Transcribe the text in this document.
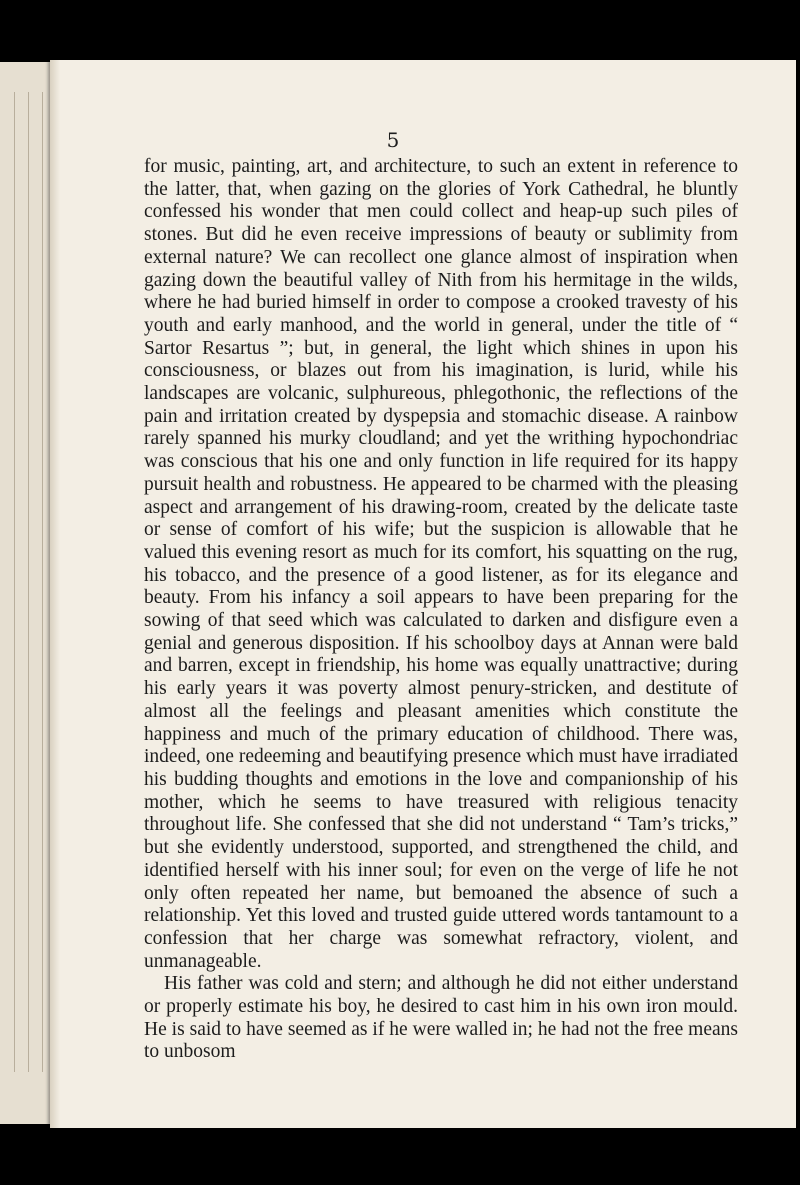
5

for music, painting, art, and architecture, to such an extent in reference to the latter, that, when gazing on the glories of York Cathedral, he bluntly confessed his wonder that men could collect and heap-up such piles of stones. But did he even receive impressions of beauty or sublimity from external nature? We can recollect one glance almost of inspiration when gazing down the beautiful valley of Nith from his hermitage in the wilds, where he had buried himself in order to compose a crooked travesty of his youth and early manhood, and the world in general, under the title of “ Sartor Resartus ”; but, in general, the light which shines in upon his consciousness, or blazes out from his imagination, is lurid, while his landscapes are volcanic, sulphureous, phlegothonic, the reflections of the pain and irritation created by dyspepsia and stomachic disease. A rainbow rarely spanned his murky cloudland; and yet the writhing hypochondriac was conscious that his one and only function in life required for its happy pursuit health and robustness. He appeared to be charmed with the pleasing aspect and arrangement of his drawing-room, created by the delicate taste or sense of comfort of his wife; but the suspicion is allowable that he valued this evening resort as much for its comfort, his squatting on the rug, his tobacco, and the presence of a good listener, as for its elegance and beauty. From his infancy a soil appears to have been preparing for the sowing of that seed which was calculated to darken and disfigure even a genial and generous disposition. If his schoolboy days at Annan were bald and barren, except in friendship, his home was equally unattractive; during his early years it was poverty almost penury-stricken, and destitute of almost all the feelings and pleasant amenities which constitute the happiness and much of the primary education of childhood. There was, indeed, one redeeming and beautifying presence which must have irradiated his budding thoughts and emotions in the love and companionship of his mother, which he seems to have treasured with religious tenacity throughout life. She confessed that she did not understand “ Tam’s tricks,” but she evidently understood, supported, and strengthened the child, and identified herself with his inner soul; for even on the verge of life he not only often repeated her name, but bemoaned the absence of such a relationship. Yet this loved and trusted guide uttered words tantamount to a confession that her charge was somewhat refractory, violent, and unmanageable.

His father was cold and stern; and although he did not either understand or properly estimate his boy, he desired to cast him in his own iron mould. He is said to have seemed as if he were walled in; he had not the free means to unbosom
